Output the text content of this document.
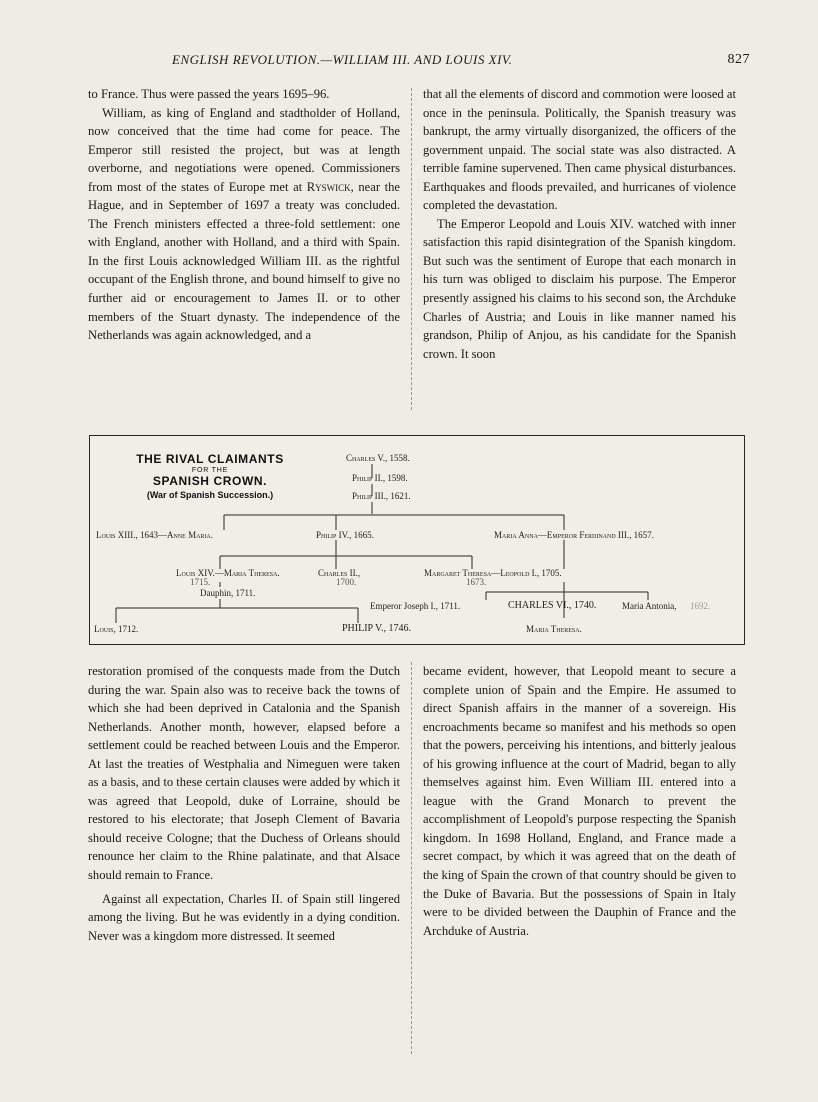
ENGLISH REVOLUTION.—WILLIAM III. AND LOUIS XIV.	827

to France. Thus were passed the years 1695–96.

William, as king of England and stadtholder of Holland, now conceived that the time had come for peace. The Emperor still resisted the project, but was at length overborne, and negotiations were opened. Commissioners from most of the states of Europe met at Ryswick, near the Hague, and in September of 1697 a treaty was concluded. The French ministers effected a three-fold settlement: one with England, another with Holland, and a third with Spain. In the first Louis acknowledged William III. as the rightful occupant of the English throne, and bound himself to give no further aid or encouragement to James II. or to other members of the Stuart dynasty. The independence of the Netherlands was again acknowledged, and a

that all the elements of discord and commotion were loosed at once in the peninsula. Politically, the Spanish treasury was bankrupt, the army virtually disorganized, the officers of the government unpaid. The social state was also distracted. A terrible famine supervened. Then came physical disturbances. Earthquakes and floods prevailed, and hurricanes of violence completed the devastation.

The Emperor Leopold and Louis XIV. watched with inner satisfaction this rapid disintegration of the Spanish kingdom. But such was the sentiment of Europe that each monarch in his turn was obliged to disclaim his purpose. The Emperor presently assigned his claims to his second son, the Archduke Charles of Austria; and Louis in like manner named his grandson, Philip of Anjou, as his candidate for the Spanish crown. It soon

THE RIVAL CLAIMANTS
FOR THE
SPANISH CROWN.
(War of Spanish Succession.)
Charles V., 1558.
Philip II., 1598.
Philip III., 1621.
Louis XIII., 1643—Anne Maria.	Philip IV., 1665.	Maria Anna—Emperor Ferdinand III., 1657.
Louis XIV.—Maria Theresa.
1715.
Charles II.,
1700.
Margaret Theresa—Leopold I., 1705.
1673.
Dauphin, 1711.
Emperor Joseph I., 1711.	CHARLES VI., 1740.	Maria Antonia, 1692.
Louis, 1712.	PHILIP V., 1746.	Maria Theresa.

restoration promised of the conquests made from the Dutch during the war. Spain also was to receive back the towns of which she had been deprived in Catalonia and the Spanish Netherlands. Another month, however, elapsed before a settlement could be reached between Louis and the Emperor. At last the treaties of Westphalia and Nimeguen were taken as a basis, and to these certain clauses were added by which it was agreed that Leopold, duke of Lorraine, should be restored to his electorate; that Joseph Clement of Bavaria should receive Cologne; that the Duchess of Orleans should renounce her claim to the Rhine palatinate, and that Alsace should remain to France.

Against all expectation, Charles II. of Spain still lingered among the living. But he was evidently in a dying condition. Never was a kingdom more distressed. It seemed

became evident, however, that Leopold meant to secure a complete union of Spain and the Empire. He assumed to direct Spanish affairs in the manner of a sovereign. His encroachments became so manifest and his methods so open that the powers, perceiving his intentions, and bitterly jealous of his growing influence at the court of Madrid, began to ally themselves against him. Even William III. entered into a league with the Grand Monarch to prevent the accomplishment of Leopold's purpose respecting the Spanish kingdom. In 1698 Holland, England, and France made a secret compact, by which it was agreed that on the death of the king of Spain the crown of that country should be given to the Duke of Bavaria. But the possessions of Spain in Italy were to be divided between the Dauphin of France and the Archduke of Austria.
